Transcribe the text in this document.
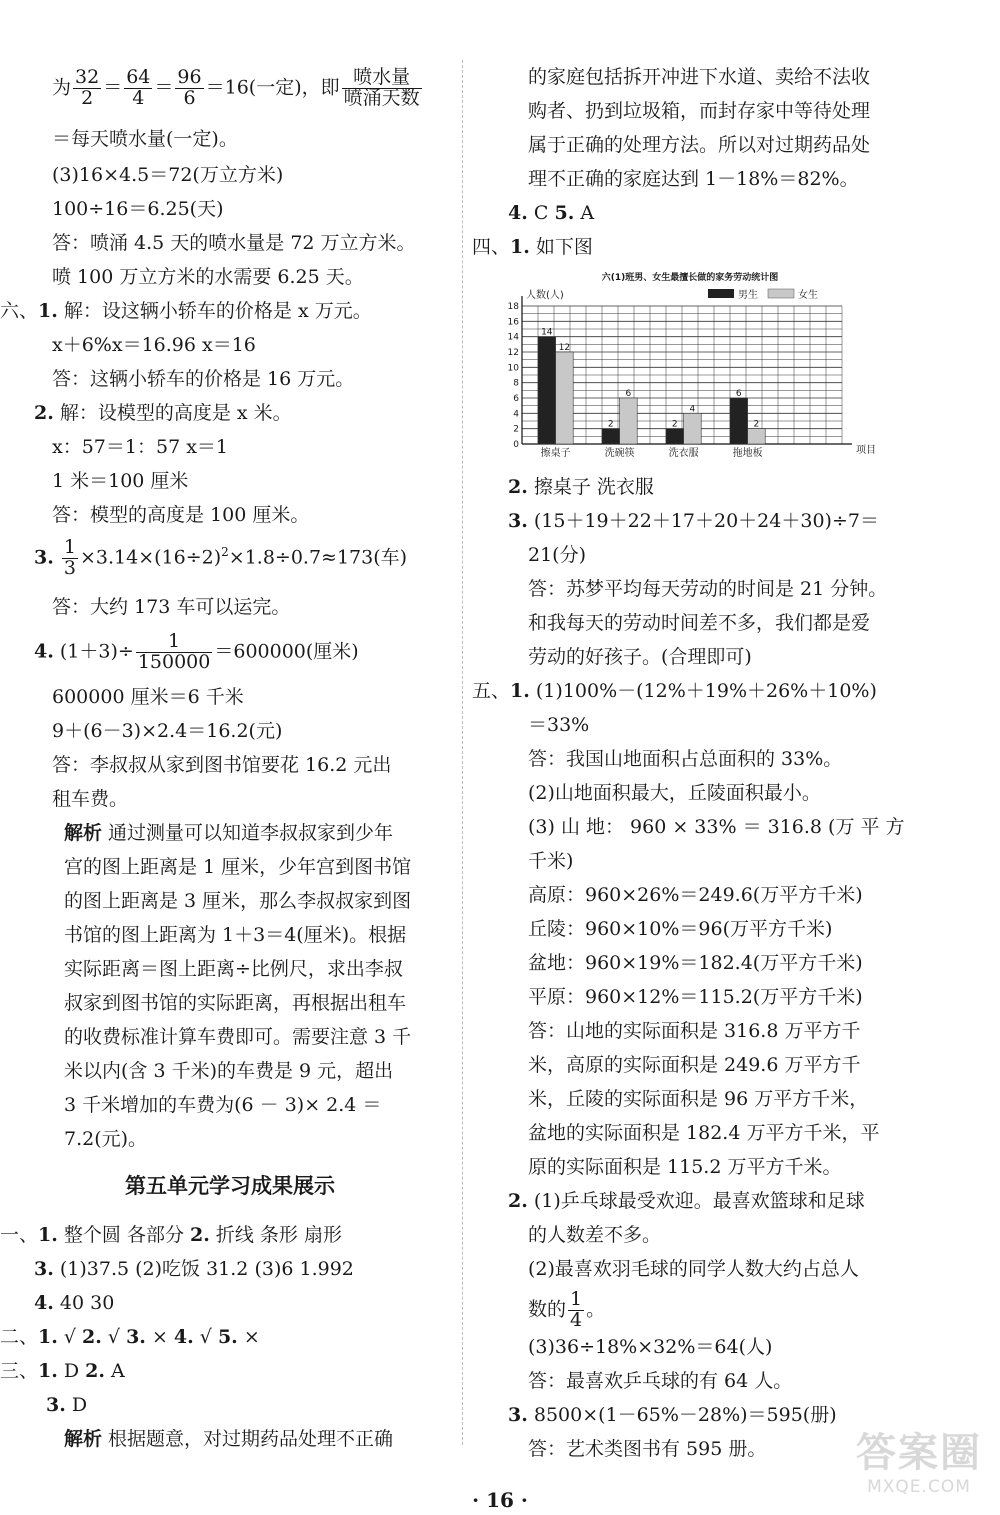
为 $\frac{32}{2} = \frac{64}{4} = \frac{96}{6} =16$(一定)，即 $\frac{\text{喷水量}}{\text{喷涌天数}}$
＝每天喷水量(一定)。
(3)16×4.5＝72(万立方米)
100÷16＝6.25(天)
答：喷涌 4.5 天的喷水量是 72 万立方米。
喷 100 万立方米的水需要 6.25 天。
六、1. 解：设这辆小轿车的价格是 x 万元。
x＋6%x＝16.96 x＝16
答：这辆小轿车的价格是 16 万元。
2. 解：设模型的高度是 x 米。
x：57＝1：57 x＝1
1 米＝100 厘米
答：模型的高度是 100 厘米。
3. $\frac{1}{3} \times 3.14\times(16\div 2)^2\times 1.8\div 0.7\approx 173$(车)
答：大约 173 车可以运完。
4. $(1+3)\div \frac{1}{150000} =600000$(厘米)
600000 厘米＝6 千米
9＋(6－3)×2.4＝16.2(元)
答：李叔叔从家到图书馆要花 16.2 元出
租车费。
解析 通过测量可以知道李叔叔家到少年
宫的图上距离是 1 厘米，少年宫到图书馆
的图上距离是 3 厘米，那么李叔叔家到图
书馆的图上距离为 1＋3＝4(厘米)。根据
实际距离＝图上距离÷比例尺，求出李叔
叔家到图书馆的实际距离，再根据出租车
的收费标准计算车费即可。需要注意 3 千
米以内(含 3 千米)的车费是 9 元，超出
3 千米增加的车费为(6 － 3)× 2.4 ＝
7.2(元)。
第五单元学习成果展示
一、1. 整个圆 各部分 2. 折线 条形 扇形
3. (1)37.5 (2)吃饭 31.2 (3)6 1.992
4. 40 30
二、1. √ 2. √ 3. × 4. √ 5. ×
三、1. D 2. A
3. D
解析 根据题意，对过期药品处理不正确
的家庭包括拆开冲进下水道、卖给不法收
购者、扔到垃圾箱，而封存家中等待处理
属于正确的处理方法。所以对过期药品处
理不正确的家庭达到 1－18%＝82%。
4. C 5. A
四、1. 如下图
六(1)班男、女生最擅长做的家务劳动统计图
0
2
4
6
8
10
12
14
16
18
14
12
擦桌子
2
6
洗碗筷
2
4
洗衣服
6
2
拖地板
人数(人)
项目
男生	女生
2. 擦桌子 洗衣服
3. (15＋19＋22＋17＋20＋24＋30)÷7＝
21(分)
答：苏梦平均每天劳动的时间是 21 分钟。
和我每天的劳动时间差不多，我们都是爱
劳动的好孩子。(合理即可)
五、1. (1)100%－(12%＋19%＋26%＋10%)
＝33%
答：我国山地面积占总面积的 33%。
(2)山地面积最大，丘陵面积最小。
(3) 山 地： 960 × 33% ＝ 316.8 (万 平 方
千米)
高原：960×26%＝249.6(万平方千米)
丘陵：960×10%＝96(万平方千米)
盆地：960×19%＝182.4(万平方千米)
平原：960×12%＝115.2(万平方千米)
答：山地的实际面积是 316.8 万平方千
米，高原的实际面积是 249.6 万平方千
米，丘陵的实际面积是 96 万平方千米，
盆地的实际面积是 182.4 万平方千米，平
原的实际面积是 115.2 万平方千米。
2. (1)乒乓球最受欢迎。最喜欢篮球和足球
的人数差不多。
(2)最喜欢羽毛球的同学人数大约占总人
数的 $\frac{1}{4}$ 。
(3)36÷18%×32%＝64(人)
答：最喜欢乒乓球的有 64 人。
3. 8500×(1－65%－28%)＝595(册)
答：艺术类图书有 595 册。
· 16 ·
答案圈
MXQE.COM
